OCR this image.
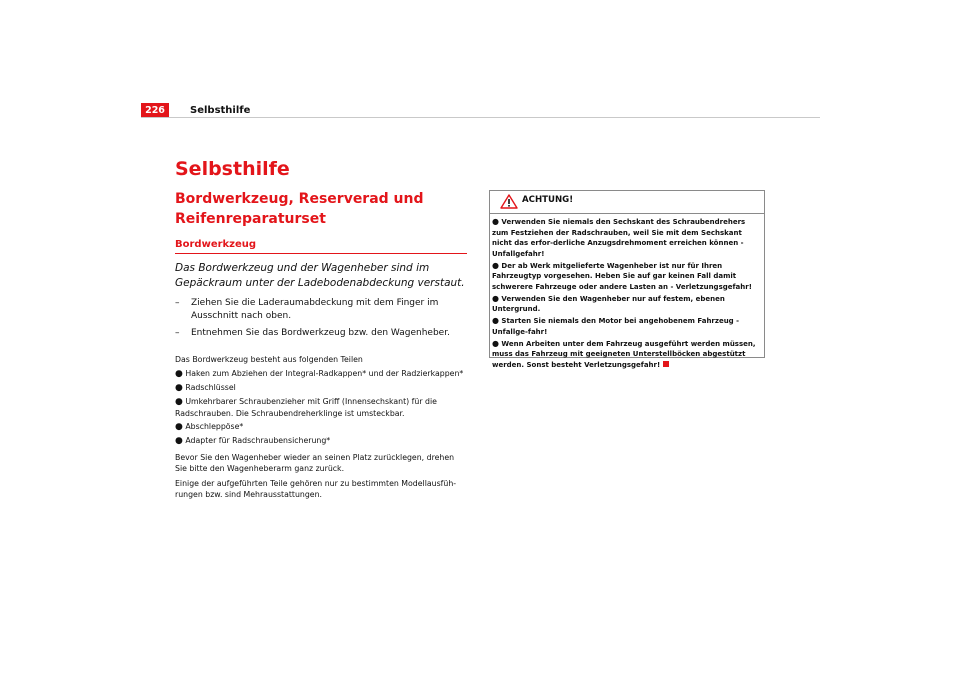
226	Selbsthilfe
Selbsthilfe
Bordwerkzeug, Reserverad und Reifenreparaturset
Bordwerkzeug
Das Bordwerkzeug und der Wagenheber sind im Gepäckraum unter der Ladebodenabdeckung verstaut.
–	Ziehen Sie die Laderaumabdeckung mit dem Finger im Ausschnitt nach oben.
–	Entnehmen Sie das Bordwerkzeug bzw. den Wagenheber.
Das Bordwerkzeug besteht aus folgenden Teilen
● Haken zum Abziehen der Integral-Radkappen* und der Radzierkappen*
● Radschlüssel
● Umkehrbarer Schraubenzieher mit Griff (Innensechskant) für die Radschrauben. Die Schraubendreherklinge ist umsteckbar.
● Abschleppöse*
● Adapter für Radschraubensicherung*
Bevor Sie den Wagenheber wieder an seinen Platz zurücklegen, drehen Sie bitte den Wagenheberarm ganz zurück.
Einige der aufgeführten Teile gehören nur zu bestimmten Modellausfüh-rungen bzw. sind Mehrausstattungen.
ACHTUNG!

● Verwenden Sie niemals den Sechskant des Schraubendrehers zum Festziehen der Radschrauben, weil Sie mit dem Sechskant nicht das erfor-derliche Anzugsdrehmoment erreichen können - Unfallgefahr!

● Der ab Werk mitgelieferte Wagenheber ist nur für Ihren Fahrzeugtyp vorgesehen. Heben Sie auf gar keinen Fall damit schwerere Fahrzeuge oder andere Lasten an - Verletzungsgefahr!

● Verwenden Sie den Wagenheber nur auf festem, ebenen Untergrund.

● Starten Sie niemals den Motor bei angehobenem Fahrzeug - Unfallge-fahr!

● Wenn Arbeiten unter dem Fahrzeug ausgeführt werden müssen, muss das Fahrzeug mit geeigneten Unterstellböcken abgestützt werden. Sonst besteht Verletzungsgefahr!
